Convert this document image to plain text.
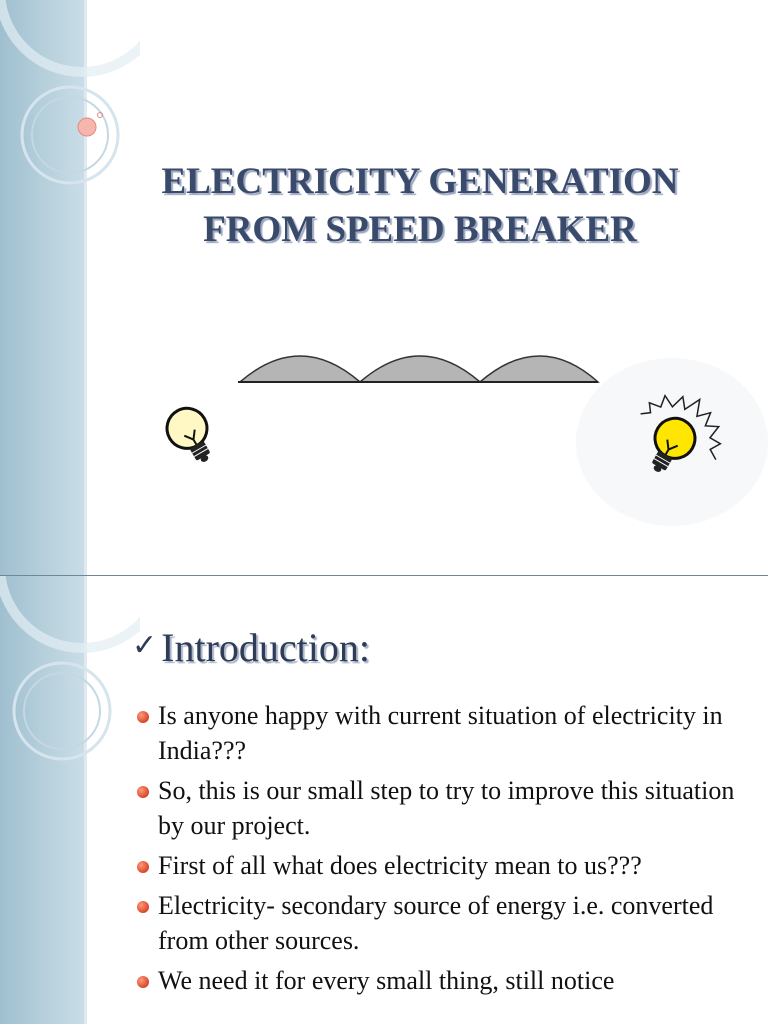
ELECTRICITY GENERATION
FROM SPEED BREAKER
✓ Introduction:
Is anyone happy with current situation of electricity in India???
So, this is our small step to try to improve this situation by our project.
First of all what does electricity mean to us???
Electricity- secondary source of energy i.e. converted from other sources.
We need it for every small thing, still notice
